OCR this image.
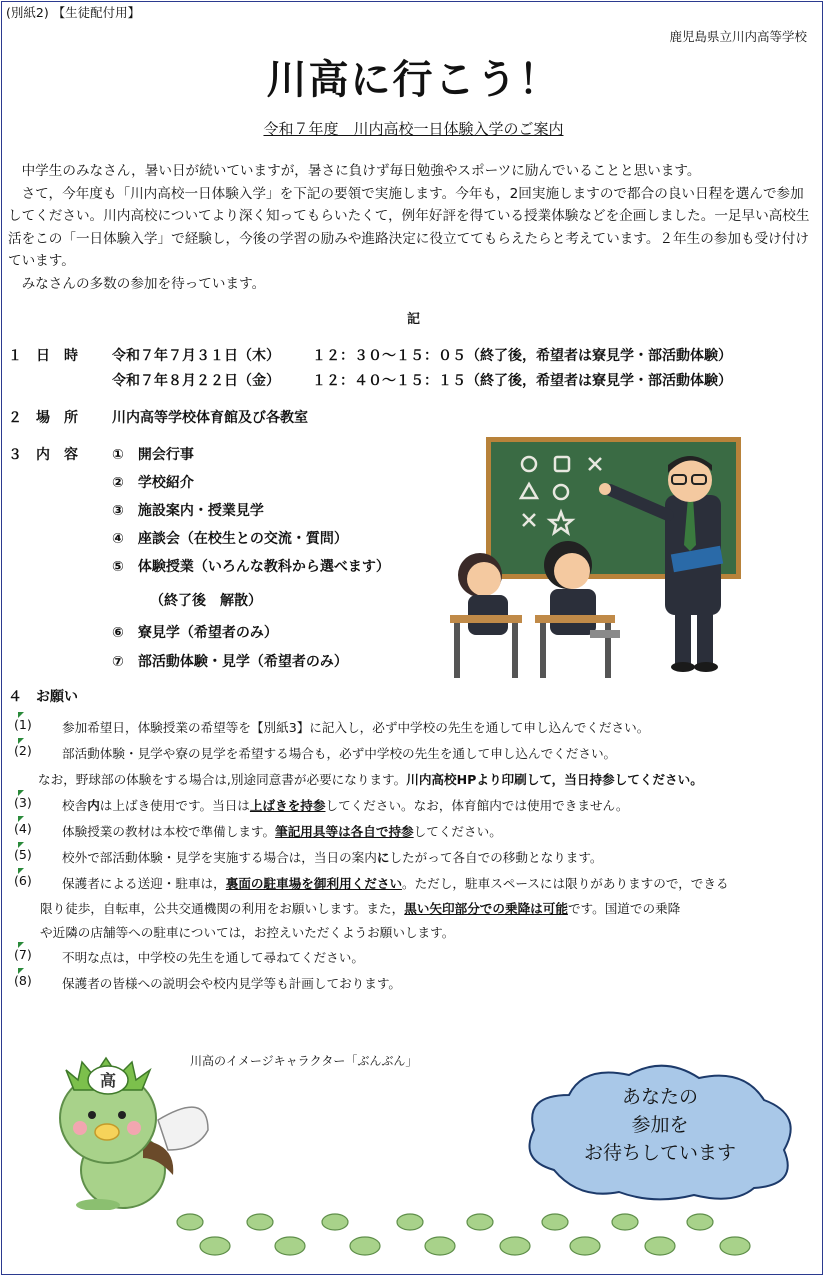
(別紙2) 【生徒配付用】
鹿児島県立川内高等学校
川高に行こう！
令和７年度　川内高校一日体験入学のご案内

　中学生のみなさん，暑い日が続いていますが，暑さに負けず毎日勉強やスポーツに励んでいることと思います。

　さて，今年度も「川内高校一日体験入学」を下記の要領で実施します。今年も，2回実施しますので都合の良い日程を選んで参加してください。川内高校についてより深く知ってもらいたくて，例年好評を得ている授業体験などを企画しました。一足早い高校生活をこの「一日体験入学」で経験し，今後の学習の励みや進路決定に役立ててもらえたらと考えています。２年生の参加も受け付けています。

　みなさんの多数の参加を待っています。

記
１　日　時 令和７年７月３１日（木） １２：３０～１５：０５（終了後，希望者は寮見学・部活動体験）
令和７年８月２２日（金） １２：４０～１５：１５（終了後，希望者は寮見学・部活動体験）
２　場　所 川内高等学校体育館及び各教室
３　内　容 ①　開会行事
②　学校紹介
③　施設案内・授業見学
④　座談会（在校生との交流・質問）
⑤　体験授業（いろんな教科から選べます）
（終了後　解散）
⑥　寮見学（希望者のみ）
⑦　部活動体験・見学（希望者のみ）
４　お願い
(1) 参加希望日，体験授業の希望等を【別紙3】に記入し，必ず中学校の先生を通して申し込んでください。
(2) 部活動体験・見学や寮の見学を希望する場合も，必ず中学校の先生を通して申し込んでください。
なお，野球部の体験をする場合は,別途同意書が必要になります。川内高校HPより印刷して，当日持参してください。
(3) 校舎内は上ばき使用です。当日は上ばきを持参してください。なお，体育館内では使用できません。
(4) 体験授業の教材は本校で準備します。筆記用具等は各自で持参してください。
(5) 校外で部活動体験・見学を実施する場合は，当日の案内にしたがって各自での移動となります。
(6) 保護者による送迎・駐車は，裏面の駐車場を御利用ください。ただし，駐車スペースには限りがありますので，できる
限り徒歩，自転車，公共交通機関の利用をお願いします。また，黒い矢印部分での乗降は可能です。国道での乗降
や近隣の店舗等への駐車については，お控えいただくようお願いします。
(7) 不明な点は，中学校の先生を通して尋ねてください。
(8) 保護者の皆様への説明会や校内見学等も計画しております。
川高のイメージキャラクター「ぶんぶん」
高
あなたの
参加を
お待ちしています
